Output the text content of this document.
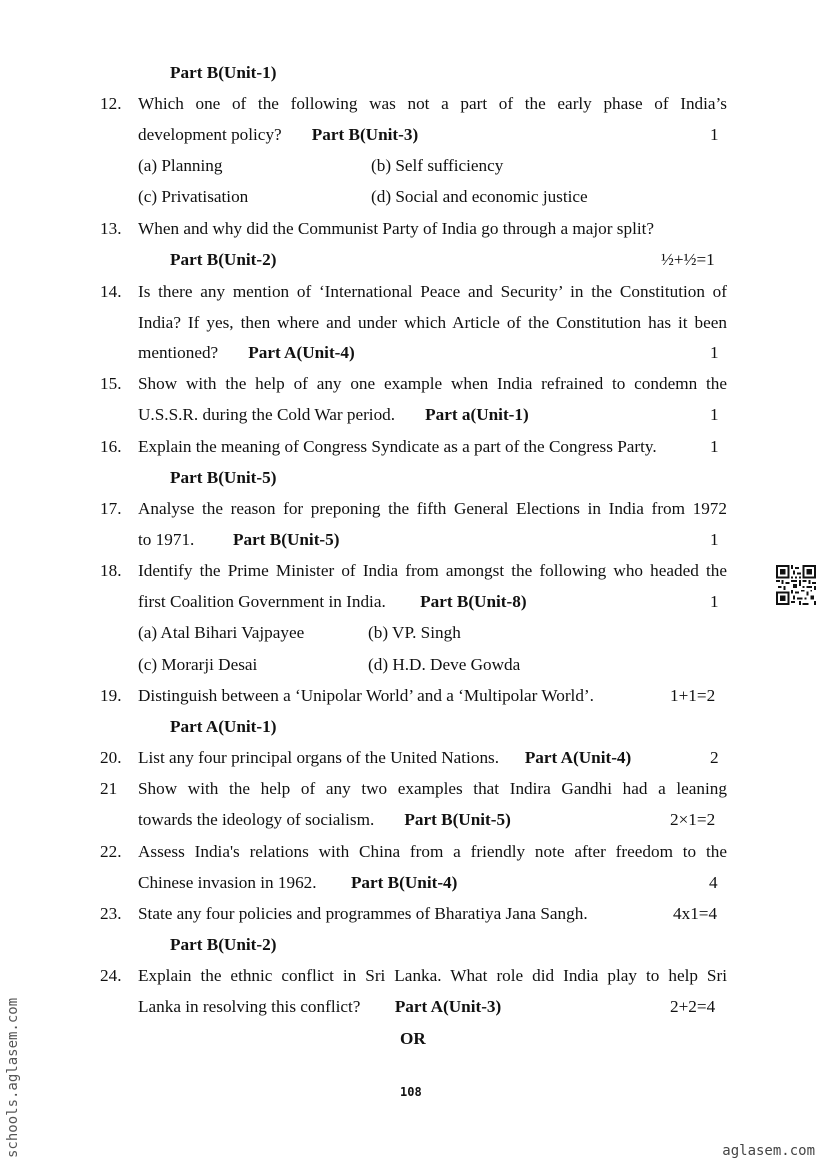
Part B(Unit-1)
12. Which one of the following was not a part of the early phase of India’s
development policy? Part B(Unit-3)	1
(a) Planning	(b) Self sufficiency
(c) Privatisation	(d) Social and economic justice
13. When and why did the Communist Party of India go through a major split?
Part B(Unit-2)	½+½=1
14. Is there any mention of ‘International Peace and Security’ in the Constitution of
India? If yes, then where and under which Article of the Constitution has it been
mentioned? Part A(Unit-4)	1
15. Show with the help of any one example when India refrained to condemn the
U.S.S.R. during the Cold War period. Part a(Unit-1)	1
16. Explain the meaning of Congress Syndicate as a part of the Congress Party.	1
Part B(Unit-5)
17. Analyse the reason for preponing the fifth General Elections in India from 1972
to 1971. Part B(Unit-5)	1
18. Identify the Prime Minister of India from amongst the following who headed the
first Coalition Government in India. Part B(Unit-8)	1
(a) Atal Bihari Vajpayee	(b) VP. Singh
(c) Morarji Desai	(d) H.D. Deve Gowda
19. Distinguish between a ‘Unipolar World’ and a ‘Multipolar World’.	1+1=2
Part A(Unit-1)
20. List any four principal organs of the United Nations. Part A(Unit-4)	2
21 Show with the help of any two examples that Indira Gandhi had a leaning
towards the ideology of socialism. Part B(Unit-5)	2×1=2
22. Assess India's relations with China from a friendly note after freedom to the
Chinese invasion in 1962. Part B(Unit-4)	4
23. State any four policies and programmes of Bharatiya Jana Sangh.	4x1=4
Part B(Unit-2)
24. Explain the ethnic conflict in Sri Lanka. What role did India play to help Sri
Lanka in resolving this conflict? Part A(Unit-3)	2+2=4
OR
108
schools.aglasem.com	aglasem.com
